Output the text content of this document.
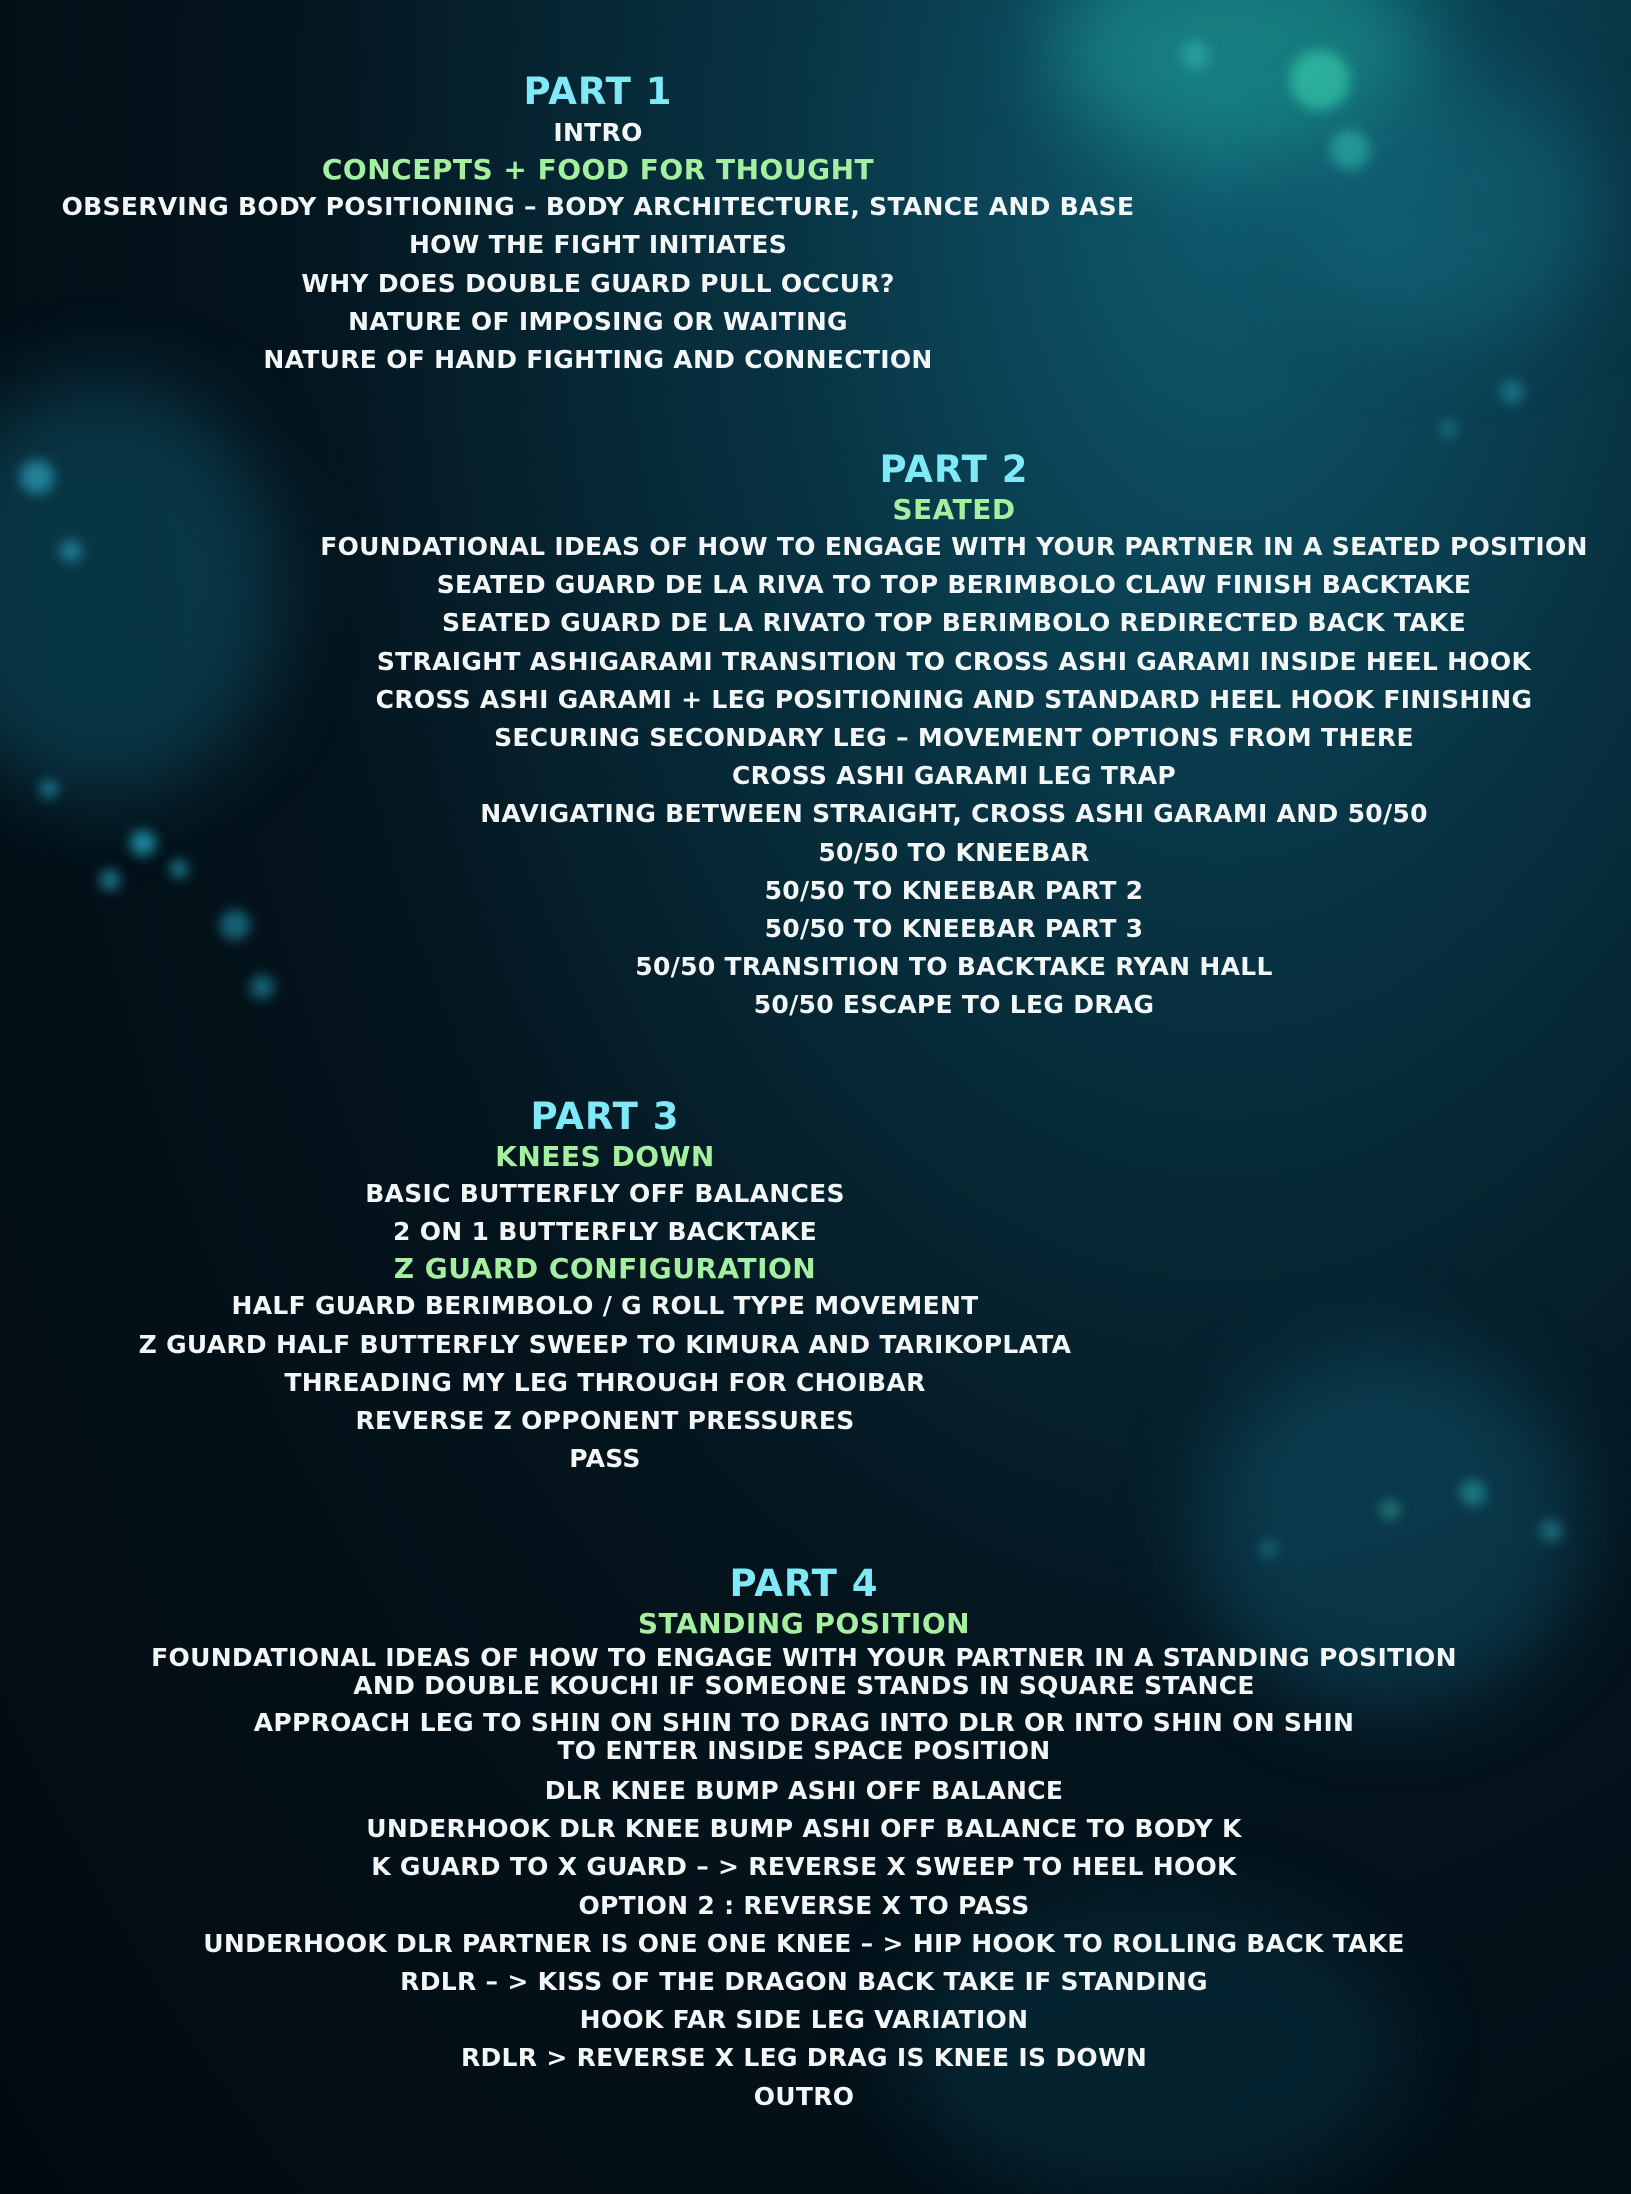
PART 1
INTRO
CONCEPTS + FOOD FOR THOUGHT
OBSERVING BODY POSITIONING – BODY ARCHITECTURE, STANCE AND BASE
HOW THE FIGHT INITIATES
WHY DOES DOUBLE GUARD PULL OCCUR?
NATURE OF IMPOSING OR WAITING
NATURE OF HAND FIGHTING AND CONNECTION
PART 2
SEATED
FOUNDATIONAL IDEAS OF HOW TO ENGAGE WITH YOUR PARTNER IN A SEATED POSITION
SEATED GUARD DE LA RIVA TO TOP BERIMBOLO CLAW FINISH BACKTAKE
SEATED GUARD DE LA RIVATO TOP BERIMBOLO REDIRECTED BACK TAKE
STRAIGHT ASHIGARAMI TRANSITION TO CROSS ASHI GARAMI INSIDE HEEL HOOK
CROSS ASHI GARAMI + LEG POSITIONING AND STANDARD HEEL HOOK FINISHING
SECURING SECONDARY LEG – MOVEMENT OPTIONS FROM THERE
CROSS ASHI GARAMI LEG TRAP
NAVIGATING BETWEEN STRAIGHT, CROSS ASHI GARAMI AND 50/50
50/50 TO KNEEBAR
50/50 TO KNEEBAR PART 2
50/50 TO KNEEBAR PART 3
50/50 TRANSITION TO BACKTAKE RYAN HALL
50/50 ESCAPE TO LEG DRAG
PART 3
KNEES DOWN
BASIC BUTTERFLY OFF BALANCES
2 ON 1 BUTTERFLY BACKTAKE
Z GUARD CONFIGURATION
HALF GUARD BERIMBOLO / G ROLL TYPE MOVEMENT
Z GUARD HALF BUTTERFLY SWEEP TO KIMURA AND TARIKOPLATA
THREADING MY LEG THROUGH FOR CHOIBAR
REVERSE Z OPPONENT PRESSURES
PASS
PART 4
STANDING POSITION
FOUNDATIONAL IDEAS OF HOW TO ENGAGE WITH YOUR PARTNER IN A STANDING POSITION
AND DOUBLE KOUCHI IF SOMEONE STANDS IN SQUARE STANCE
APPROACH LEG TO SHIN ON SHIN TO DRAG INTO DLR OR INTO SHIN ON SHIN
TO ENTER INSIDE SPACE POSITION
DLR KNEE BUMP ASHI OFF BALANCE
UNDERHOOK DLR KNEE BUMP ASHI OFF BALANCE TO BODY K
K GUARD TO X GUARD – > REVERSE X SWEEP TO HEEL HOOK
OPTION 2 : REVERSE X TO PASS
UNDERHOOK DLR PARTNER IS ONE ONE KNEE – > HIP HOOK TO ROLLING BACK TAKE
RDLR – > KISS OF THE DRAGON BACK TAKE IF STANDING
HOOK FAR SIDE LEG VARIATION
RDLR > REVERSE X LEG DRAG IS KNEE IS DOWN
OUTRO
